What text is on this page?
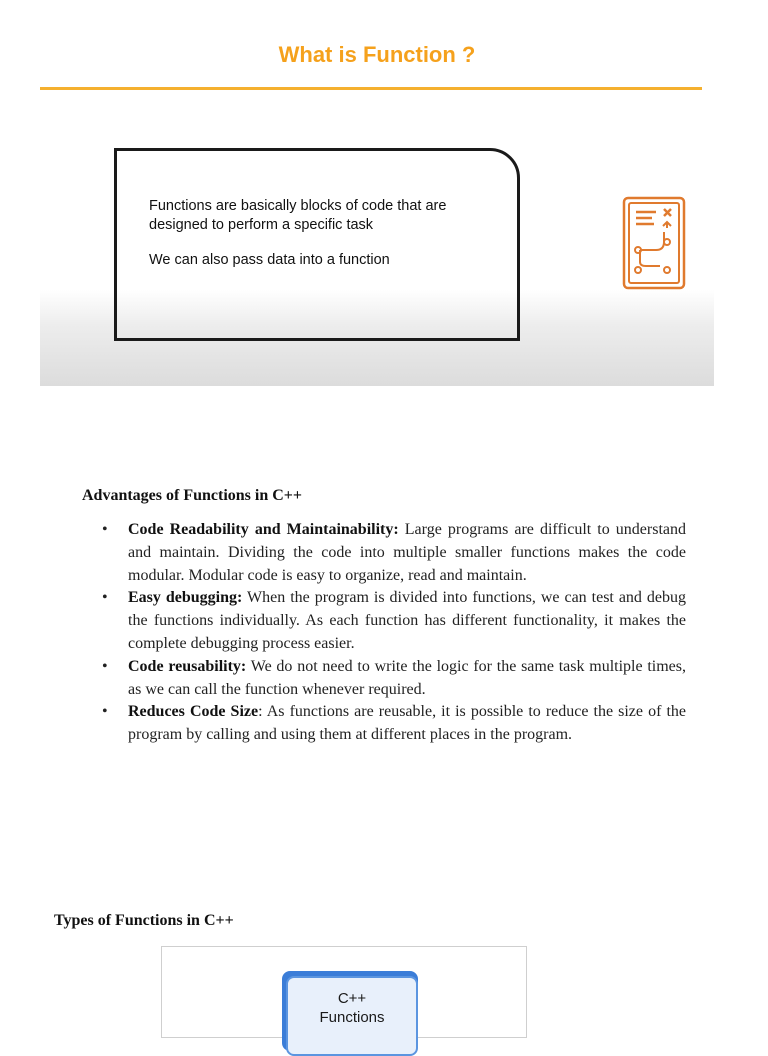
What is Function ?

Functions are basically blocks of code that are designed to perform a specific task

We can also pass data into a function

Advantages of Functions in C++
• Code Readability and Maintainability: Large programs are difficult to understand and maintain. Dividing the code into multiple smaller functions makes the code modular. Modular code is easy to organize, read and maintain.
• Easy debugging: When the program is divided into functions, we can test and debug the functions individually. As each function has different functionality, it makes the complete debugging process easier.
• Code reusability: We do not need to write the logic for the same task multiple times, as we can call the function whenever required.
• Reduces Code Size: As functions are reusable, it is possible to reduce the size of the program by calling and using them at different places in the program.
Types of Functions in C++
C++
Functions
